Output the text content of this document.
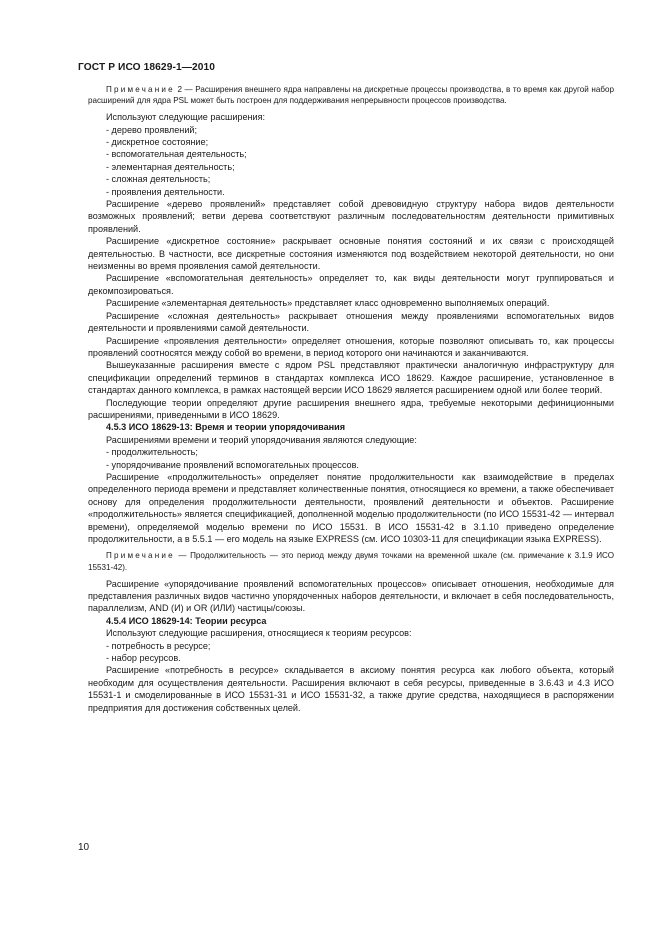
ГОСТ Р ИСО 18629-1—2010

Примечание 2 — Расширения внешнего ядра направлены на дискретные процессы производства, в то время как другой набор расширений для ядра PSL может быть построен для поддерживания непрерывности процессов производства.

Используют следующие расширения:

- дерево проявлений;

- дискретное состояние;

- вспомогательная деятельность;

- элементарная деятельность;

- сложная деятельность;

- проявления деятельности.

Расширение «дерево проявлений» представляет собой древовидную структуру набора видов деятельности возможных проявлений; ветви дерева соответствуют различным последовательностям деятельности примитивных проявлений.

Расширение «дискретное состояние» раскрывает основные понятия состояний и их связи с происходящей деятельностью. В частности, все дискретные состояния изменяются под воздействием некоторой деятельности, но они неизменны во время проявления самой деятельности.

Расширение «вспомогательная деятельность» определяет то, как виды деятельности могут группироваться и декомпозироваться.

Расширение «элементарная деятельность» представляет класс одновременно выполняемых операций.

Расширение «сложная деятельность» раскрывает отношения между проявлениями вспомогательных видов деятельности и проявлениями самой деятельности.

Расширение «проявления деятельности» определяет отношения, которые позволяют описывать то, как процессы проявлений соотносятся между собой во времени, в период которого они начинаются и заканчиваются.

Вышеуказанные расширения вместе с ядром PSL представляют практически аналогичную инфраструктуру для спецификации определений терминов в стандартах комплекса ИСО 18629. Каждое расширение, установленное в стандартах данного комплекса, в рамках настоящей версии ИСО 18629 является расширением одной или более теорий.

Последующие теории определяют другие расширения внешнего ядра, требуемые некоторыми дефиниционными расширениями, приведенными в ИСО 18629.

4.5.3 ИСО 18629-13: Время и теории упорядочивания

Расширениями времени и теорий упорядочивания являются следующие:

- продолжительность;

- упорядочивание проявлений вспомогательных процессов.

Расширение «продолжительность» определяет понятие продолжительности как взаимодействие в пределах определенного периода времени и представляет количественные понятия, относящиеся ко времени, а также обеспечивает основу для определения продолжительности деятельности, проявлений деятельности и объектов. Расширение «продолжительность» является спецификацией, дополненной моделью продолжительности (по ИСО 15531-42 — интервал времени), определяемой моделью времени по ИСО 15531. В ИСО 15531-42 в 3.1.10 приведено определение продолжительности, а в 5.5.1 — его модель на языке EXPRESS (см. ИСО 10303-11 для спецификации языка EXPRESS).

Примечание — Продолжительность — это период между двумя точками на временной шкале (см. примечание к 3.1.9 ИСО 15531-42).

Расширение «упорядочивание проявлений вспомогательных процессов» описывает отношения, необходимые для представления различных видов частично упорядоченных наборов деятельности, и включает в себя последовательность, параллелизм, AND (И) и OR (ИЛИ) частицы/союзы.

4.5.4 ИСО 18629-14: Теории ресурса

Используют следующие расширения, относящиеся к теориям ресурсов:

- потребность в ресурсе;

- набор ресурсов.

Расширение «потребность в ресурсе» складывается в аксиому понятия ресурса как любого объекта, который необходим для осуществления деятельности. Расширения включают в себя ресурсы, приведенные в 3.6.43 и 4.3 ИСО 15531-1 и смоделированные в ИСО 15531-31 и ИСО 15531-32, а также другие средства, находящиеся в распоряжении предприятия для достижения собственных целей.

10
